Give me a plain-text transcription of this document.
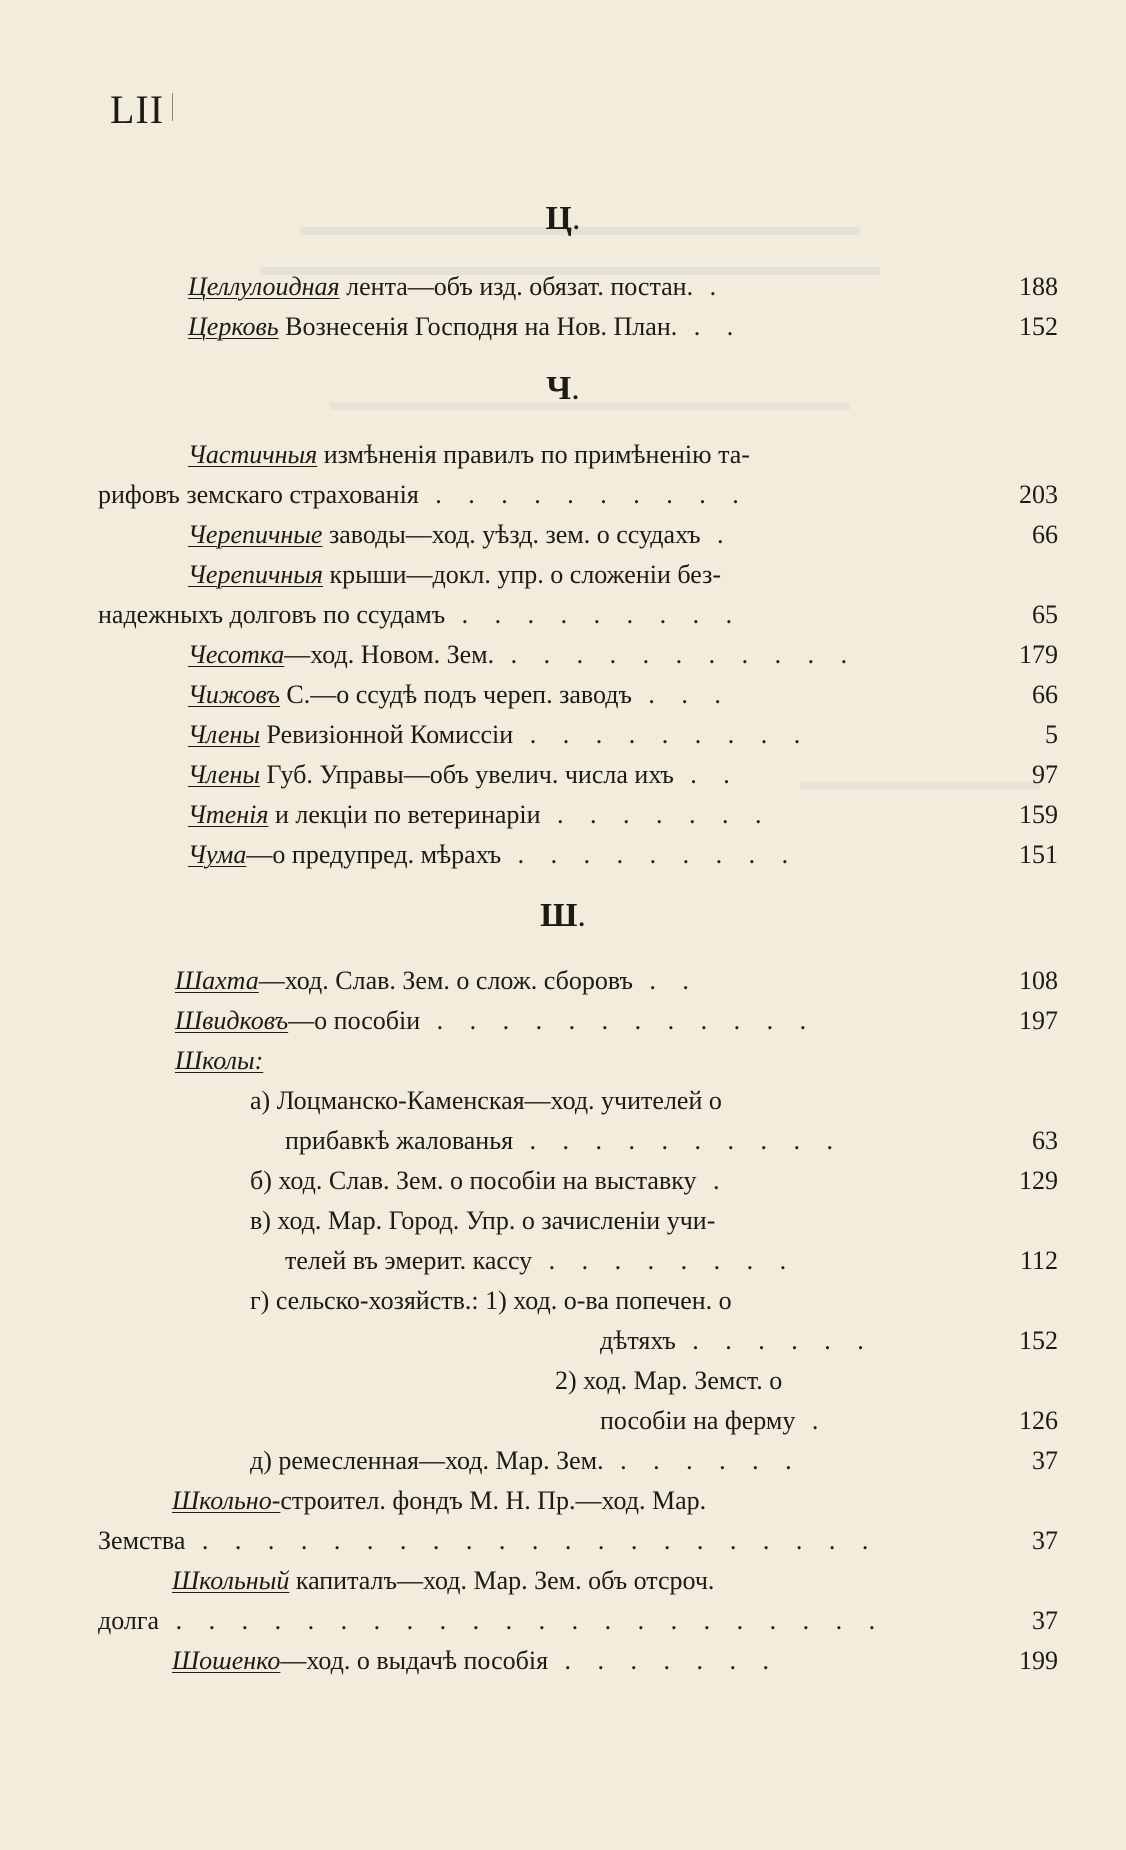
LII
Ц .
Ч .
Ш .
Целлулоидная лента—объ изд. обязат. постан. .	188
Церковь Вознесенія Господня на Нов. План. . .	152
Частичныя измѣненія правилъ по примѣненію та-
рифовъ земскаго страхованія . . . . . . . . . .	203
Черепичные заводы—ход. уѣзд. зем. о ссудахъ .	66
Черепичныя крыши—докл. упр. о сложеніи без-
надежныхъ долговъ по ссудамъ . . . . . . . . .	65
Чесотка—ход. Новом. Зем. . . . . . . . . . . .	179
Чижовъ С.—о ссудѣ подъ череп. заводъ . . .	66
Члены Ревизіонной Комиссіи . . . . . . . . .	5
Члены Губ. Управы—объ увелич. числа ихъ . .	97
Чтенія и лекціи по ветеринаріи . . . . . . .	159
Чума—о предупред. мѣрахъ . . . . . . . . .	151
Шахта—ход. Слав. Зем. о слож. сборовъ . .	108
Швидковъ—о пособіи . . . . . . . . . . . .	197
Школы:
а) Лоцманско-Каменская—ход. учителей о
прибавкѣ жалованья . . . . . . . . . .	63
б) ход. Слав. Зем. о пособіи на выставку .	129
в) ход. Мар. Город. Упр. о зачисленіи учи-
телей въ эмерит. кассу . . . . . . . .	112
г) сельско-хозяйств.: 1) ход. о-ва попечен. о
дѣтяхъ . . . . . .	152
2) ход. Мар. Земст. о
пособіи на ферму .	126
д) ремесленная—ход. Мар. Зем. . . . . . .	37
Школьно-строител. фондъ М. Н. Пр.—ход. Мар.
Земства . . . . . . . . . . . . . . . . . . . . .	37
Школьный капиталъ—ход. Мар. Зем. объ отсроч.
долга . . . . . . . . . . . . . . . . . . . . . .	37
Шошенко—ход. о выдачѣ пособія . . . . . . .	199
